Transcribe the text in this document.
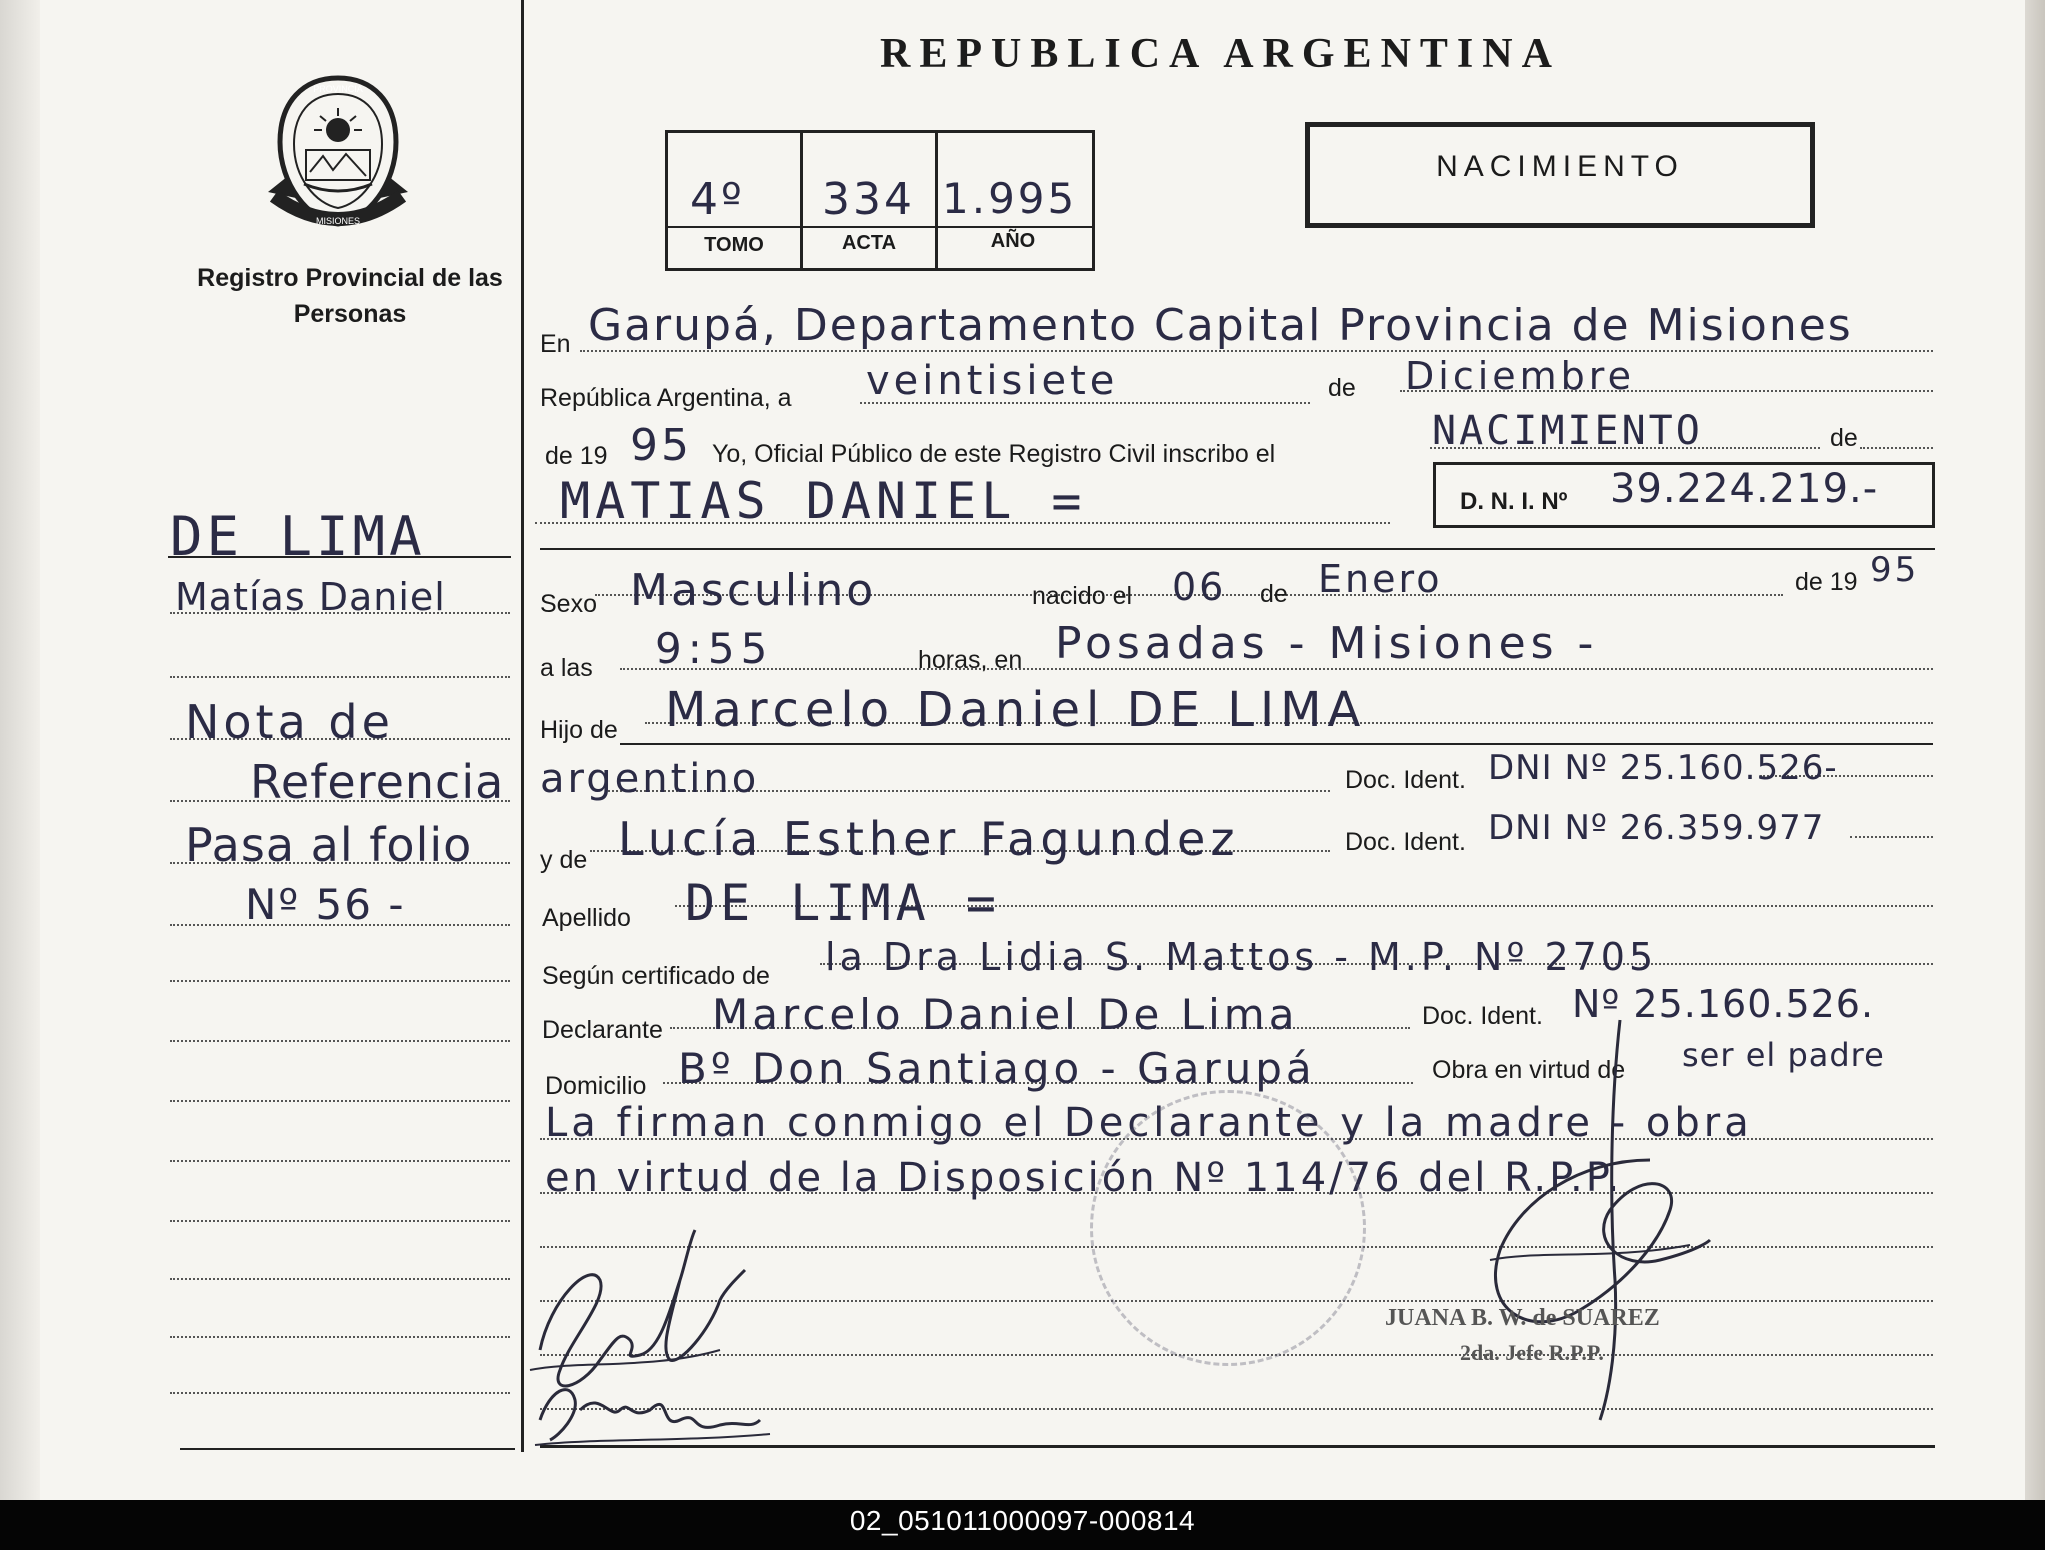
PROVINCIA
MISIONES
Registro Provincial de las Personas
REPUBLICA ARGENTINA
4º 334 1.995
TOMO	ACTA	AÑO
NACIMIENTO
DE LIMA
Matías Daniel
Nota de
Referencia
Pasa al folio
Nº 56 -
En Garupá, Departamento Capital Provincia de Misiones
República Argentina, a veintisiete	de Diciembre
de 19 95 Yo, Oficial Público de este Registro Civil inscribo el	NACIMIENTO	de
MATIAS DANIEL =	D. N. I. Nº 39.224.219.-
Sexo Masculino	nacido el 06 de Enero	de 19 95
a las 9:55	horas, en Posadas - Misiones -
Hijo de Marcelo Daniel DE LIMA
argentino	Doc. Ident. DNI Nº 25.160.526-
y de Lucía Esther Fagundez	Doc. Ident. DNI Nº 26.359.977
Apellido DE LIMA =
Según certificado de la Dra Lidia S. Mattos - M.P. Nº 2705
Declarante Marcelo Daniel De Lima	Doc. Ident. Nº 25.160.526.
Domicilio Bº Don Santiago - Garupá	Obra en virtud de ser el padre
La firman conmigo el Declarante y la madre - obra
en virtud de la Disposición Nº 114/76 del R.P.P.
JUANA B. W. de SUAREZ
2da. Jefe R.P.P.
02_051011000097-000814
